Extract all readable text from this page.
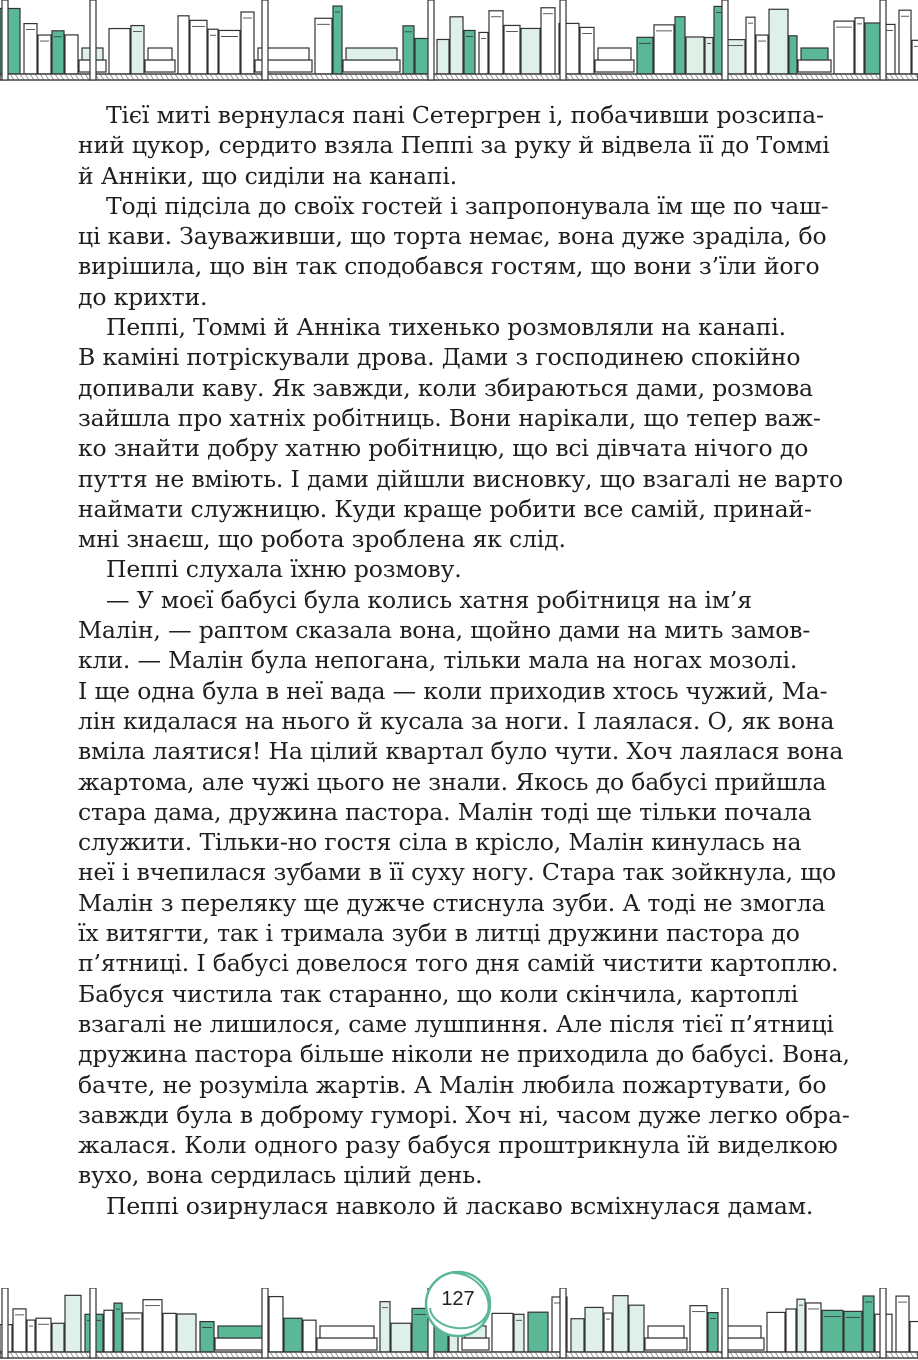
Тієї миті вернулася пані Сетергрен і, побачивши розсипа-
ний цукор, сердито взяла Пеппі за руку й відвела її до Томмі
й Анніки, що сиділи на канапі.
Тоді підсіла до своїх гостей і запропонувала їм ще по чаш-
ці кави. Зауваживши, що торта немає, вона дуже зраділа, бо
вирішила, що він так сподобався гостям, що вони з’їли його
до крихти.
Пеппі, Томмі й Анніка тихенько розмовляли на канапі.
В каміні потріскували дрова. Дами з господинею спокійно
допивали каву. Як завжди, коли збираються дами, розмова
зайшла про хатніх робітниць. Вони нарікали, що тепер важ-
ко знайти добру хатню робітницю, що всі дівчата нічого до
пуття не вміють. І дами дійшли висновку, що взагалі не варто
наймати служницю. Куди краще робити все самій, принай-
мні знаєш, що робота зроблена як слід.
Пеппі слухала їхню розмову.
— У моєї бабусі була колись хатня робітниця на ім’я
Малін, — раптом сказала вона, щойно дами на мить замов-
кли. — Малін була непогана, тільки мала на ногах мозолі.
І ще одна була в неї вада — коли приходив хтось чужий, Ма-
лін кидалася на нього й кусала за ноги. І лаялася. О, як вона
вміла лаятися! На цілий квартал було чути. Хоч лаялася вона
жартома, але чужі цього не знали. Якось до бабусі прийшла
стара дама, дружина пастора. Малін тоді ще тільки почала
служити. Тільки-но гостя сіла в крісло, Малін кинулась на
неї і вчепилася зубами в її суху ногу. Стара так зойкнула, що
Малін з переляку ще дужче стиснула зуби. А тоді не змогла
їх витягти, так і тримала зуби в литці дружини пастора до
п’ятниці. І бабусі довелося того дня самій чистити картоплю.
Бабуся чистила так старанно, що коли скінчила, картоплі
взагалі не лишилося, саме лушпиння. Але після тієї п’ятниці
дружина пастора більше ніколи не приходила до бабусі. Вона,
бачте, не розуміла жартів. А Малін любила пожартувати, бо
завжди була в доброму гуморі. Хоч ні, часом дуже легко обра-
жалася. Коли одного разу бабуся проштрикнула їй виделкою
вухо, вона сердилась цілий день.
Пеппі озирнулася навколо й ласкаво всміхнулася дамам.
127
